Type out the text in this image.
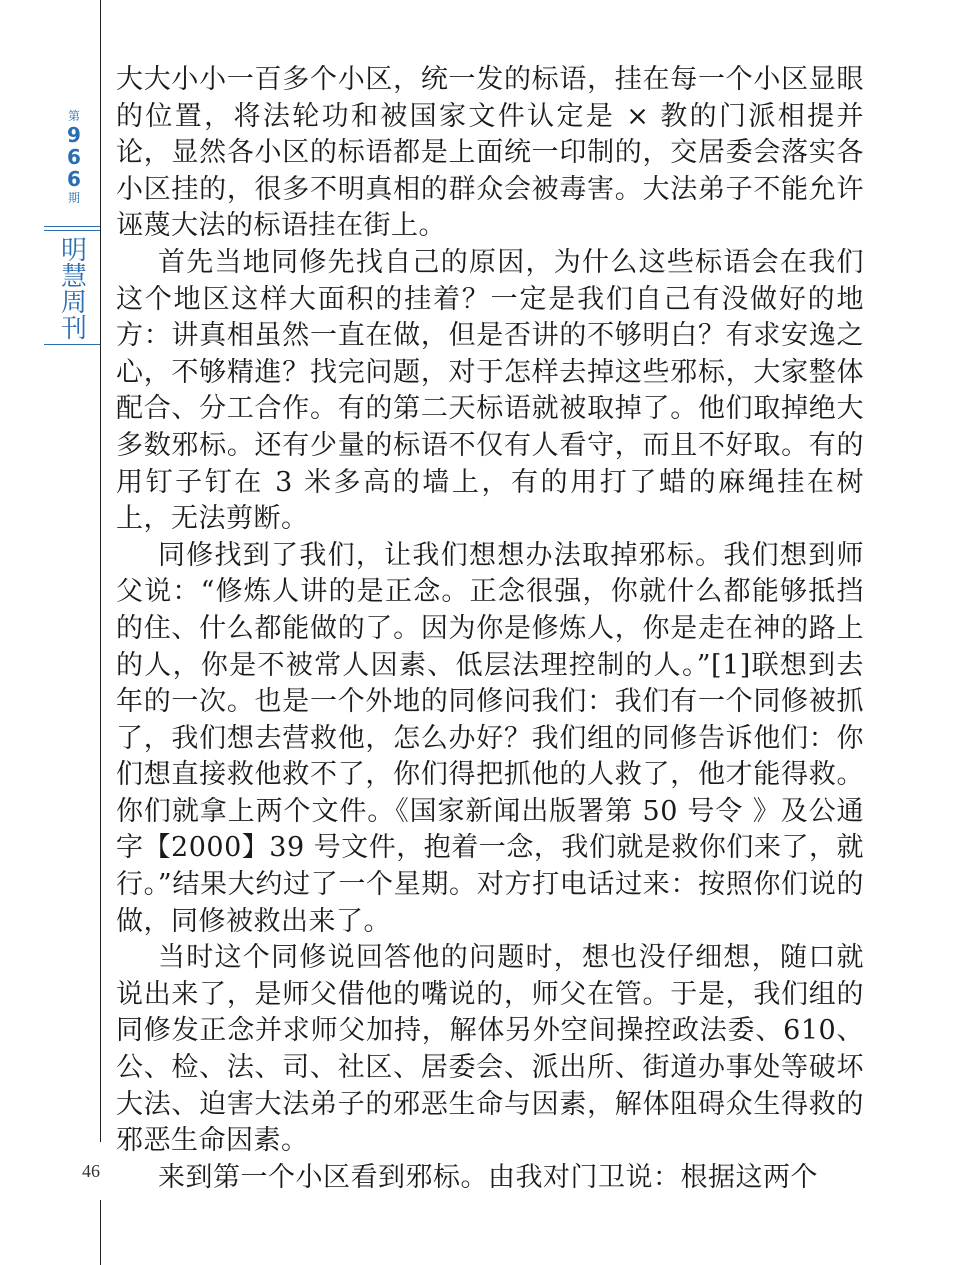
第
9
6
6
期
明
慧
周
刊
46

大大小小一百多个小区，统一发的标语，挂在每一个小区显眼的位置，将法轮功和被国家文件认定是 × 教的门派相提并论，显然各小区的标语都是上面统一印制的，交居委会落实各小区挂的，很多不明真相的群众会被毒害。大法弟子不能允许诬蔑大法的标语挂在街上。

首先当地同修先找自己的原因，为什么这些标语会在我们这个地区这样大面积的挂着？一定是我们自己有没做好的地方：讲真相虽然一直在做，但是否讲的不够明白？有求安逸之心，不够精進？找完问题，对于怎样去掉这些邪标，大家整体配合、分工合作。有的第二天标语就被取掉了。他们取掉绝大多数邪标。还有少量的标语不仅有人看守，而且不好取。有的用钉子钉在 3 米多高的墙上，有的用打了蜡的麻绳挂在树上，无法剪断。

同修找到了我们，让我们想想办法取掉邪标。我们想到师父说：“修炼人讲的是正念。正念很强，你就什么都能够抵挡的住、什么都能做的了。因为你是修炼人，你是走在神的路上的人，你是不被常人因素、低层法理控制的人。”[1]联想到去年的一次。也是一个外地的同修问我们：我们有一个同修被抓了，我们想去营救他，怎么办好？我们组的同修告诉他们：你们想直接救他救不了，你们得把抓他的人救了，他才能得救。你们就拿上两个文件。《国家新闻出版署第 50 号令 》及公通字【2000】39 号文件，抱着一念，我们就是救你们来了，就行。”结果大约过了一个星期。对方打电话过来：按照你们说的做，同修被救出来了。

当时这个同修说回答他的问题时，想也没仔细想，随口就说出来了，是师父借他的嘴说的，师父在管。于是，我们组的同修发正念并求师父加持，解体另外空间操控政法委、610、公、检、法、司、社区、居委会、派出所、街道办事处等破坏大法、迫害大法弟子的邪恶生命与因素，解体阻碍众生得救的邪恶生命因素。

来到第一个小区看到邪标。由我对门卫说：根据这两个
